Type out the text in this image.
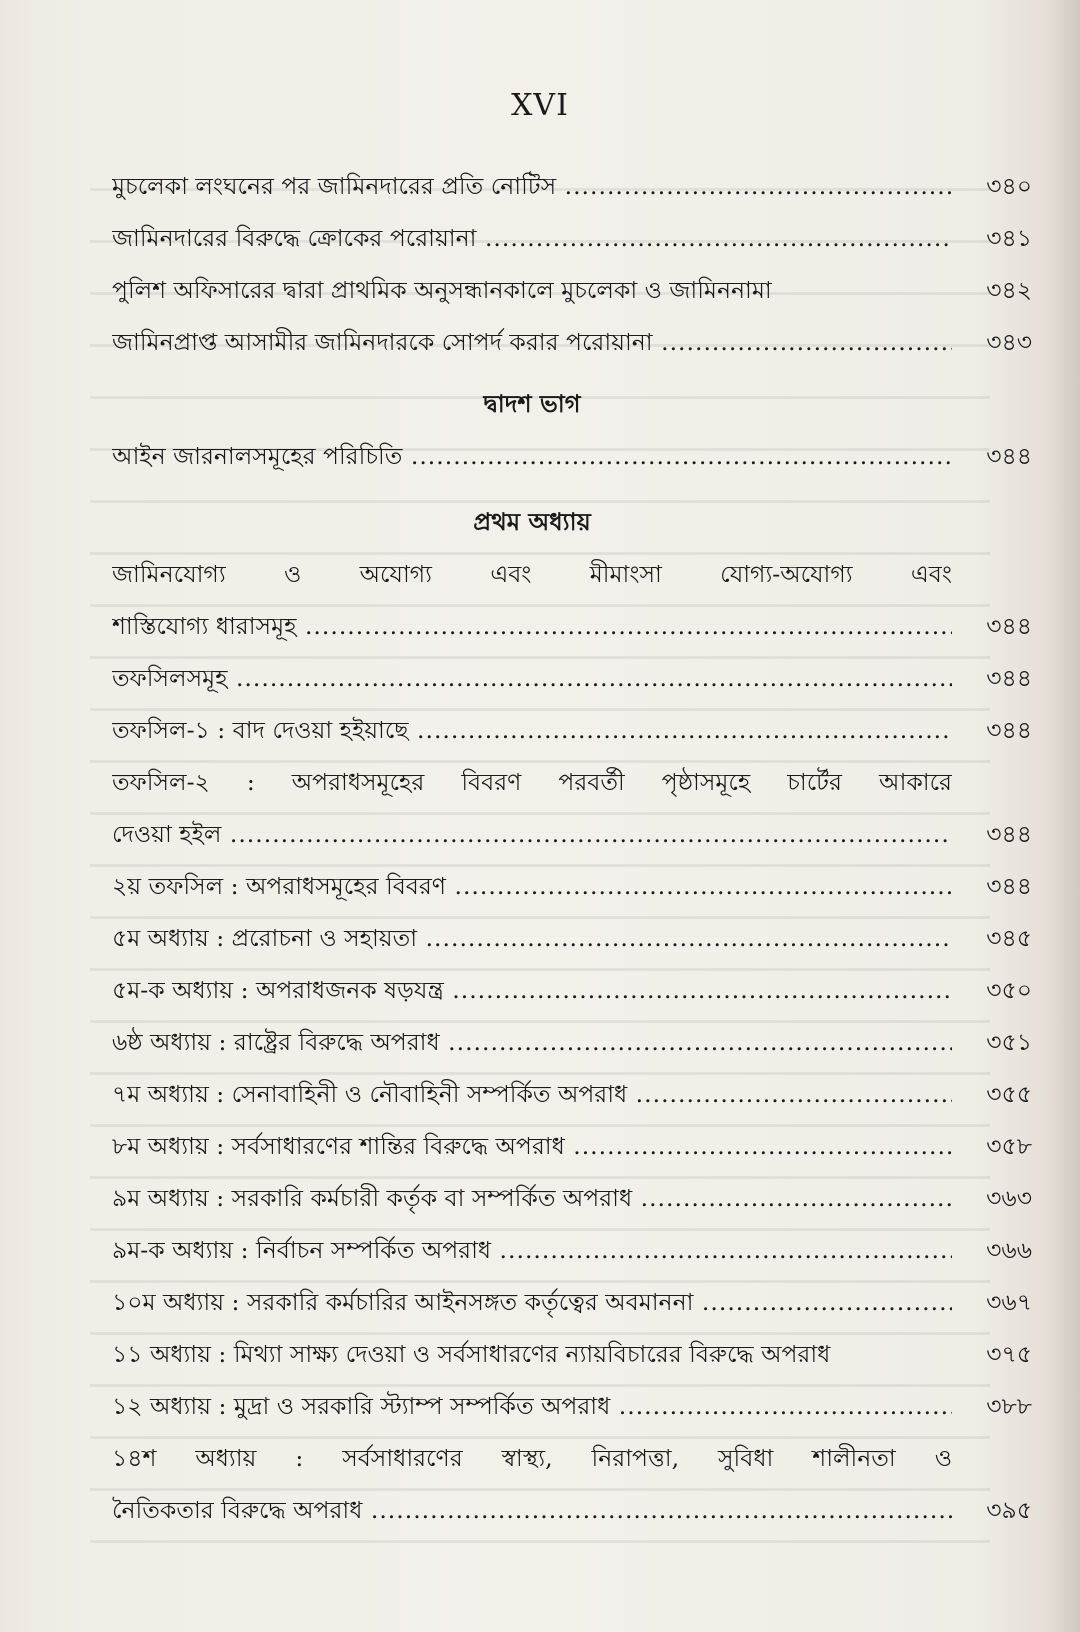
XVI
মুচলেকা লংঘনের পর জামিনদারের প্রতি নোটিস .....	৩৪০
জামিনদারের বিরুদ্ধে ক্রোকের পরোয়ানা .....	৩৪১
পুলিশ অফিসারের দ্বারা প্রাথমিক অনুসন্ধানকালে মুচলেকা ও জামিননামা	৩৪২
জামিনপ্রাপ্ত আসামীর জামিনদারকে সোপর্দ করার পরোয়ানা .....	৩৪৩
দ্বাদশ ভাগ
আইন জারনালসমূহের পরিচিতি .....	৩৪৪
প্রথম অধ্যায়
জামিনযোগ্য ও অযোগ্য এবং মীমাংসা যোগ্য-অযোগ্য এবং
শাস্তিযোগ্য ধারাসমূহ .....	৩৪৪
তফসিলসমূহ .....	৩৪৪
তফসিল-১ : বাদ দেওয়া হইয়াছে .....	৩৪৪
তফসিল-২ : অপরাধসমূহের বিবরণ পরবর্তী পৃষ্ঠাসমূহে চার্টের আকারে
দেওয়া হইল .....	৩৪৪
২য় তফসিল : অপরাধসমূহের বিবরণ .....	৩৪৪
৫ম অধ্যায় : প্ররোচনা ও সহায়তা .....	৩৪৫
৫ম-ক অধ্যায় : অপরাধজনক ষড়যন্ত্র .....	৩৫০
৬ষ্ঠ অধ্যায় : রাষ্ট্রের বিরুদ্ধে অপরাধ .....	৩৫১
৭ম অধ্যায় : সেনাবাহিনী ও নৌবাহিনী সম্পর্কিত অপরাধ .....	৩৫৫
৮ম অধ্যায় : সর্বসাধারণের শান্তির বিরুদ্ধে অপরাধ .....	৩৫৮
৯ম অধ্যায় : সরকারি কর্মচারী কর্তৃক বা সম্পর্কিত অপরাধ .....	৩৬৩
৯ম-ক অধ্যায় : নির্বাচন সম্পর্কিত অপরাধ .....	৩৬৬
১০ম অধ্যায় : সরকারি কর্মচারির আইনসঙ্গত কর্তৃত্বের অবমাননা .....	৩৬৭
১১ অধ্যায় : মিথ্যা সাক্ষ্য দেওয়া ও সর্বসাধারণের ন্যায়বিচারের বিরুদ্ধে অপরাধ	৩৭৫
১২ অধ্যায় : মুদ্রা ও সরকারি স্ট্যাম্প সম্পর্কিত অপরাধ .....	৩৮৮
১৪শ অধ্যায় : সর্বসাধারণের স্বাস্থ্য, নিরাপত্তা, সুবিধা শালীনতা ও
নৈতিকতার বিরুদ্ধে অপরাধ .....	৩৯৫
